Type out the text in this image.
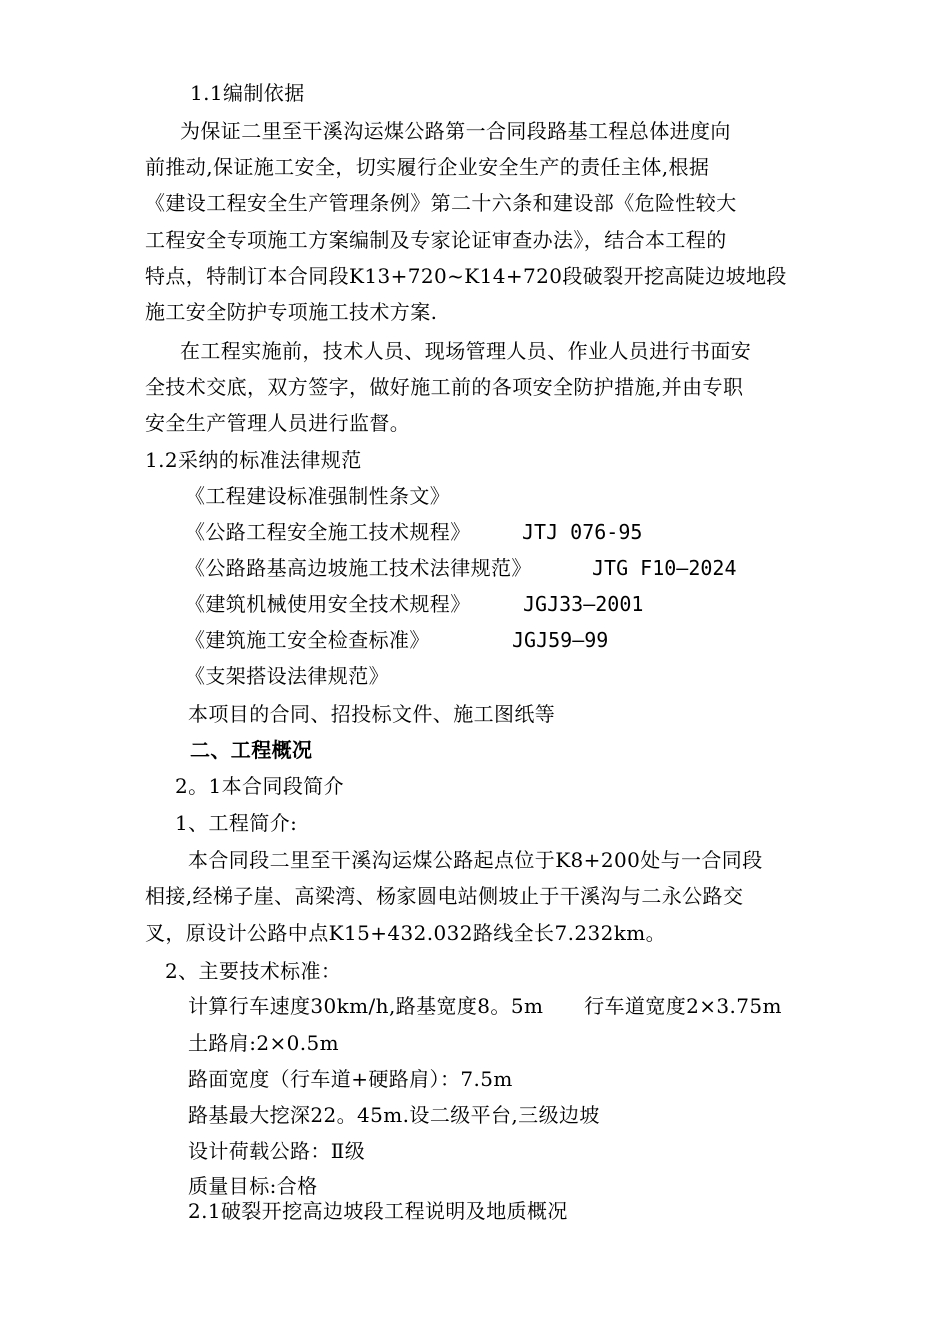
1.1编制依据
为保证二里至干溪沟运煤公路第一合同段路基工程总体进度向
前推动,保证施工安全，切实履行企业安全生产的责任主体,根据
《建设工程安全生产管理条例》第二十六条和建设部《危险性较大
工程安全专项施工方案编制及专家论证审查办法》，结合本工程的
特点，特制订本合同段K13+720~K14+720段破裂开挖高陡边坡地段
施工安全防护专项施工技术方案.
在工程实施前，技术人员、现场管理人员、作业人员进行书面安
全技术交底，双方签字，做好施工前的各项安全防护措施,并由专职
安全生产管理人员进行监督。
1.2采纳的标准法律规范
《工程建设标准强制性条文》
《公路工程安全施工技术规程》	JTJ 076-95
《公路路基高边坡施工技术法律规范》	JTG F10—2024
《建筑机械使用安全技术规程》	JGJ33—2001
《建筑施工安全检查标准》	JGJ59—99
《支架搭设法律规范》
本项目的合同、招投标文件、施工图纸等
二、工程概况
2。1本合同段简介
1、工程简介:
本合同段二里至干溪沟运煤公路起点位于K8+200处与一合同段
相接,经梯子崖、高梁湾、杨家圆电站侧坡止于干溪沟与二永公路交
叉，原设计公路中点K15+432.032路线全长7.232km。
2、主要技术标准：
计算行车速度30km/h,路基宽度8。5m　　行车道宽度2×3.75m
土路肩:2×0.5m
路面宽度（行车道+硬路肩）：7.5m
路基最大挖深22。45m.设二级平台,三级边坡
设计荷载公路：Ⅱ级
质量目标:合格
2.1破裂开挖高边坡段工程说明及地质概况
